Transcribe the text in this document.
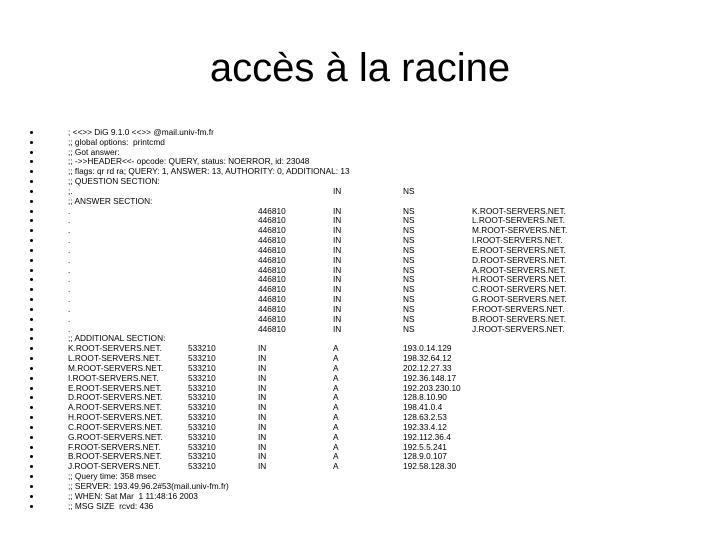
accès à la racine
; <<>> DiG 9.1.0 <<>> @mail.univ-fm.fr
;; global options:  printcmd
;; Got answer:
;; ->>HEADER<<- opcode: QUERY, status: NOERROR, id: 23048
;; flags: qr rd ra; QUERY: 1, ANSWER: 13, AUTHORITY: 0, ADDITIONAL: 13
;; QUESTION SECTION:
;.	IN	NS
;; ANSWER SECTION:
.	446810	IN	NS	K.ROOT-SERVERS.NET.
.	446810	IN	NS	L.ROOT-SERVERS.NET.
.	446810	IN	NS	M.ROOT-SERVERS.NET.
.	446810	IN	NS	I.ROOT-SERVERS.NET.
.	446810	IN	NS	E.ROOT-SERVERS.NET.
.	446810	IN	NS	D.ROOT-SERVERS.NET.
.	446810	IN	NS	A.ROOT-SERVERS.NET.
.	446810	IN	NS	H.ROOT-SERVERS.NET.
.	446810	IN	NS	C.ROOT-SERVERS.NET.
.	446810	IN	NS	G.ROOT-SERVERS.NET.
.	446810	IN	NS	F.ROOT-SERVERS.NET.
.	446810	IN	NS	B.ROOT-SERVERS.NET.
.	446810	IN	NS	J.ROOT-SERVERS.NET.
;; ADDITIONAL SECTION:
K.ROOT-SERVERS.NET.	533210	IN	A	193.0.14.129
L.ROOT-SERVERS.NET.	533210	IN	A	198.32.64.12
M.ROOT-SERVERS.NET.	533210	IN	A	202.12.27.33
I.ROOT-SERVERS.NET.	533210	IN	A	192.36.148.17
E.ROOT-SERVERS.NET.	533210	IN	A	192.203.230.10
D.ROOT-SERVERS.NET.	533210	IN	A	128.8.10.90
A.ROOT-SERVERS.NET.	533210	IN	A	198.41.0.4
H.ROOT-SERVERS.NET.	533210	IN	A	128.63.2.53
C.ROOT-SERVERS.NET.	533210	IN	A	192.33.4.12
G.ROOT-SERVERS.NET.	533210	IN	A	192.112.36.4
F.ROOT-SERVERS.NET.	533210	IN	A	192.5.5.241
B.ROOT-SERVERS.NET.	533210	IN	A	128.9.0.107
J.ROOT-SERVERS.NET.	533210	IN	A	192.58.128.30
;; Query time: 358 msec
;; SERVER: 193.49.96.2#53(mail.univ-fm.fr)
;; WHEN: Sat Mar  1 11:48:16 2003
;; MSG SIZE  rcvd: 436
